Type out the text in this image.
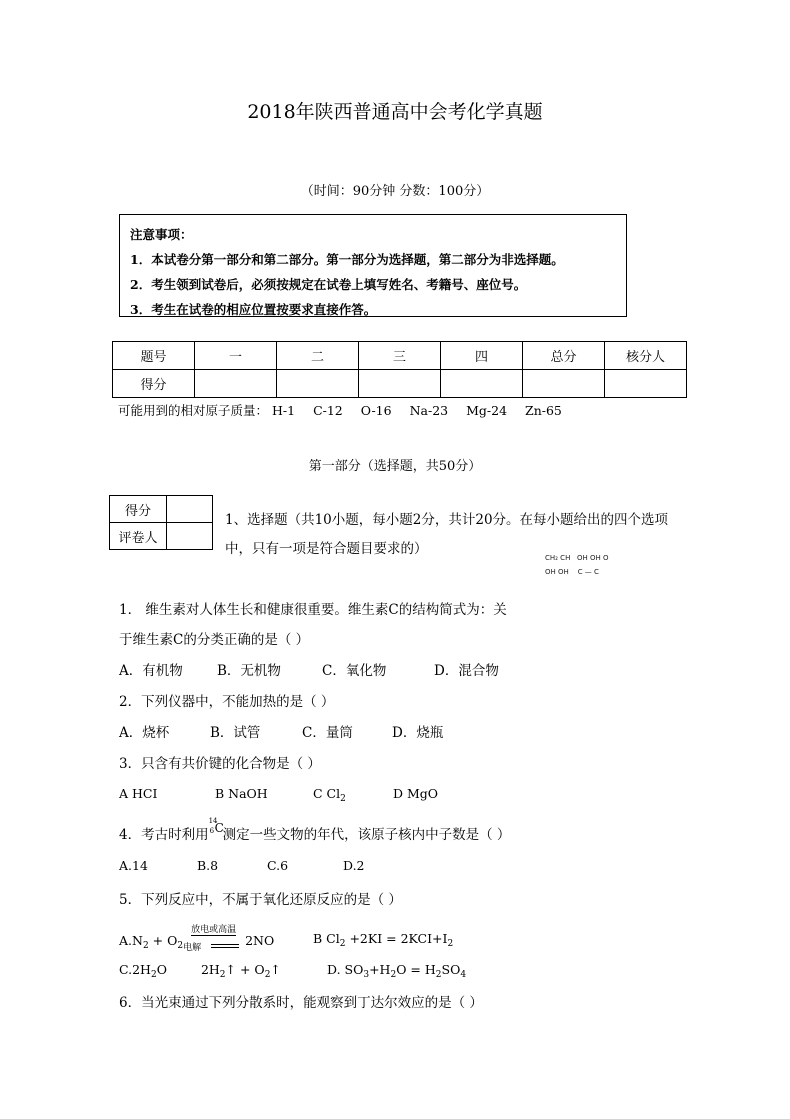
2018年陕西普通高中会考化学真题
（时间：90分钟 分数：100分）
注意事项：
1．本试卷分第一部分和第二部分。第一部分为选择题，第二部分为非选择题。
2．考生领到试卷后，必须按规定在试卷上填写姓名、考籍号、座位号。
3．考生在试卷的相应位置按要求直接作答。
题号	一	二	三	四	总分	核分人
得分						
可能用到的相对原子质量： H-1 C-12 O-16 Na-23 Mg-24 Zn-65
第一部分（选择题，共50分）
得分	
评卷人	
1、选择题（共10小题，每小题2分，共计20分。在每小题给出的四个选项中，只有一项是符合题目要求的）
CH₂ CH OH OH O
OH OH C — C
1． 维生素对人体生长和健康很重要。维生素C的结构简式为：关
于维生素C的分类正确的是（ ）
A．有机物	B．无机物	C．氧化物	D．混合物
2．下列仪器中，不能加热的是（ ）
A．烧杯	B．试管	C．量筒	D．烧瓶
3．只含有共价键的化合物是（ ）
A HCI	B NaOH	C $Cl_2$	D MgO
4．考古时利用
14
6 C
测定一些文物的年代，该原子核内中子数是（ ）
A.14	B.8	C.6	D.2
5．下列反应中，不属于氧化还原反应的是（ ）
$A.N_2 + O_2$
放电或高温
电解	2NO	B $Cl_2 +2KI = 2KCI+I_2$
$C.2H_2O$	$2H_2↑$ + $O_2↑$	D. $SO_3+H_2O = H_2SO_4$
6．当光束通过下列分散系时，能观察到丁达尔效应的是（ ）
